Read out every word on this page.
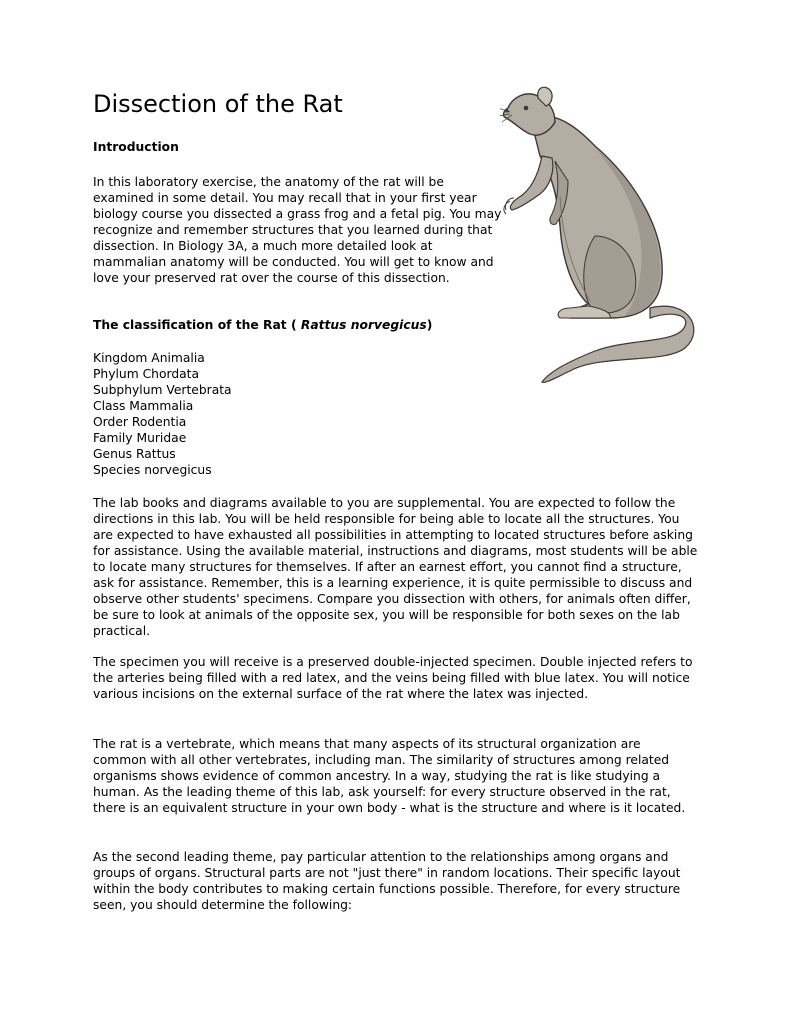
Dissection of the Rat
Introduction

In this laboratory exercise, the anatomy of the rat will be examined in some detail. You may recall that in your first year biology course you dissected a grass frog and a fetal pig. You may recognize and remember structures that you learned during that dissection. In Biology 3A, a much more detailed look at mammalian anatomy will be conducted. You will get to know and love your preserved rat over the course of this dissection.

The classification of the Rat ( Rattus norvegicus)
Kingdom Animalia
Phylum Chordata
Subphylum Vertebrata
Class Mammalia
Order Rodentia
Family Muridae
Genus Rattus
Species norvegicus

The lab books and diagrams available to you are supplemental. You are expected to follow the directions in this lab. You will be held responsible for being able to locate all the structures. You are expected to have exhausted all possibilities in attempting to located structures before asking for assistance. Using the available material, instructions and diagrams, most students will be able to locate many structures for themselves. If after an earnest effort, you cannot find a structure, ask for assistance. Remember, this is a learning experience, it is quite permissible to discuss and observe other students' specimens. Compare you dissection with others, for animals often differ, be sure to look at animals of the opposite sex, you will be responsible for both sexes on the lab practical.

The specimen you will receive is a preserved double-injected specimen. Double injected refers to the arteries being filled with a red latex, and the veins being filled with blue latex. You will notice various incisions on the external surface of the rat where the latex was injected.

The rat is a vertebrate, which means that many aspects of its structural organization are common with all other vertebrates, including man. The similarity of structures among related organisms shows evidence of common ancestry. In a way, studying the rat is like studying a human. As the leading theme of this lab, ask yourself: for every structure observed in the rat, there is an equivalent structure in your own body - what is the structure and where is it located.

As the second leading theme, pay particular attention to the relationships among organs and groups of organs. Structural parts are not "just there" in random locations. Their specific layout within the body contributes to making certain functions possible. Therefore, for every structure seen, you should determine the following:
